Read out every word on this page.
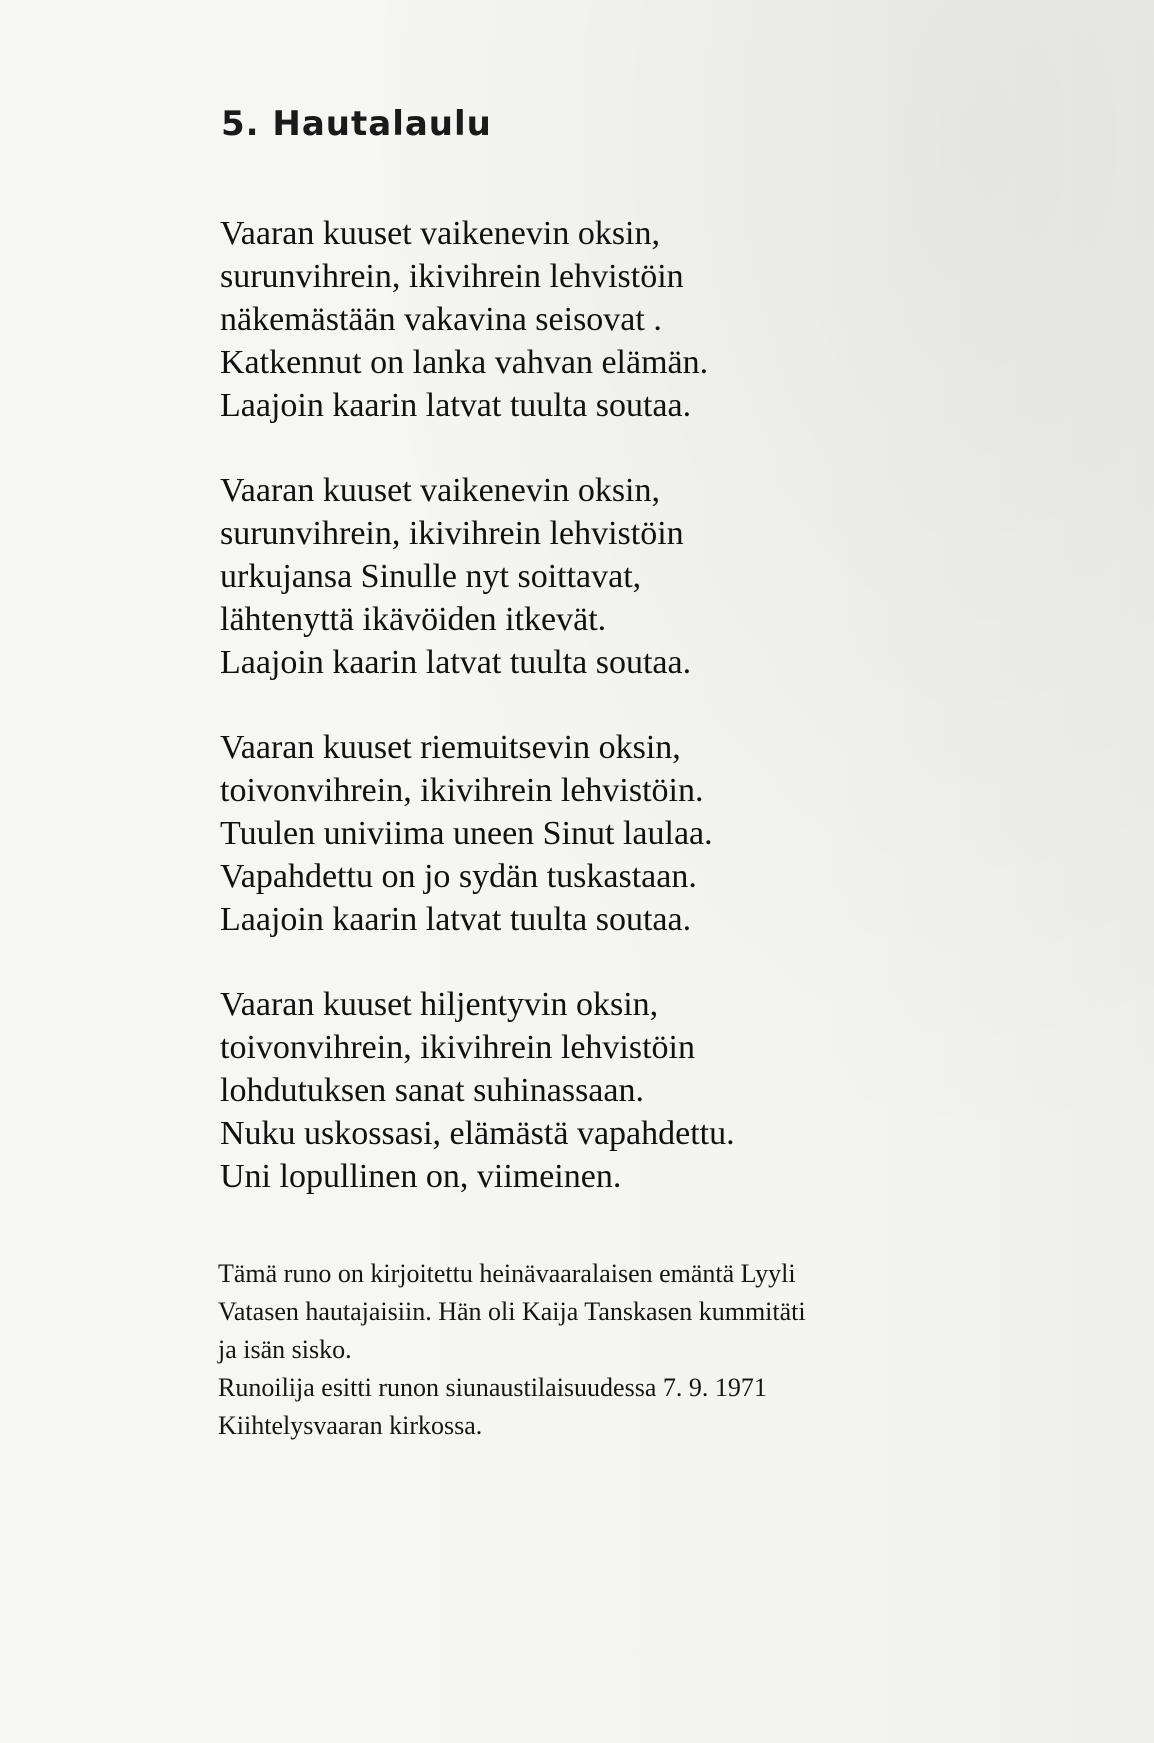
5. Hautalaulu
Vaaran kuuset vaikenevin oksin,
surunvihrein, ikivihrein lehvistöin
näkemästään vakavina seisovat .
Katkennut on lanka vahvan elämän.
Laajoin kaarin latvat tuulta soutaa.
Vaaran kuuset vaikenevin oksin,
surunvihrein, ikivihrein lehvistöin
urkujansa Sinulle nyt soittavat,
lähtenyttä ikävöiden itkevät.
Laajoin kaarin latvat tuulta soutaa.
Vaaran kuuset riemuitsevin oksin,
toivonvihrein, ikivihrein lehvistöin.
Tuulen univiima uneen Sinut laulaa.
Vapahdettu on jo sydän tuskastaan.
Laajoin kaarin latvat tuulta soutaa.
Vaaran kuuset hiljentyvin oksin,
toivonvihrein, ikivihrein lehvistöin
lohdutuksen sanat suhinassaan.
Nuku uskossasi, elämästä vapahdettu.
Uni lopullinen on, viimeinen.
Tämä runo on kirjoitettu heinävaaralaisen emäntä Lyyli
Vatasen hautajaisiin. Hän oli Kaija Tanskasen kummitäti
ja isän sisko.
Runoilija esitti runon siunaustilaisuudessa 7. 9. 1971
Kiihtelysvaaran kirkossa.
